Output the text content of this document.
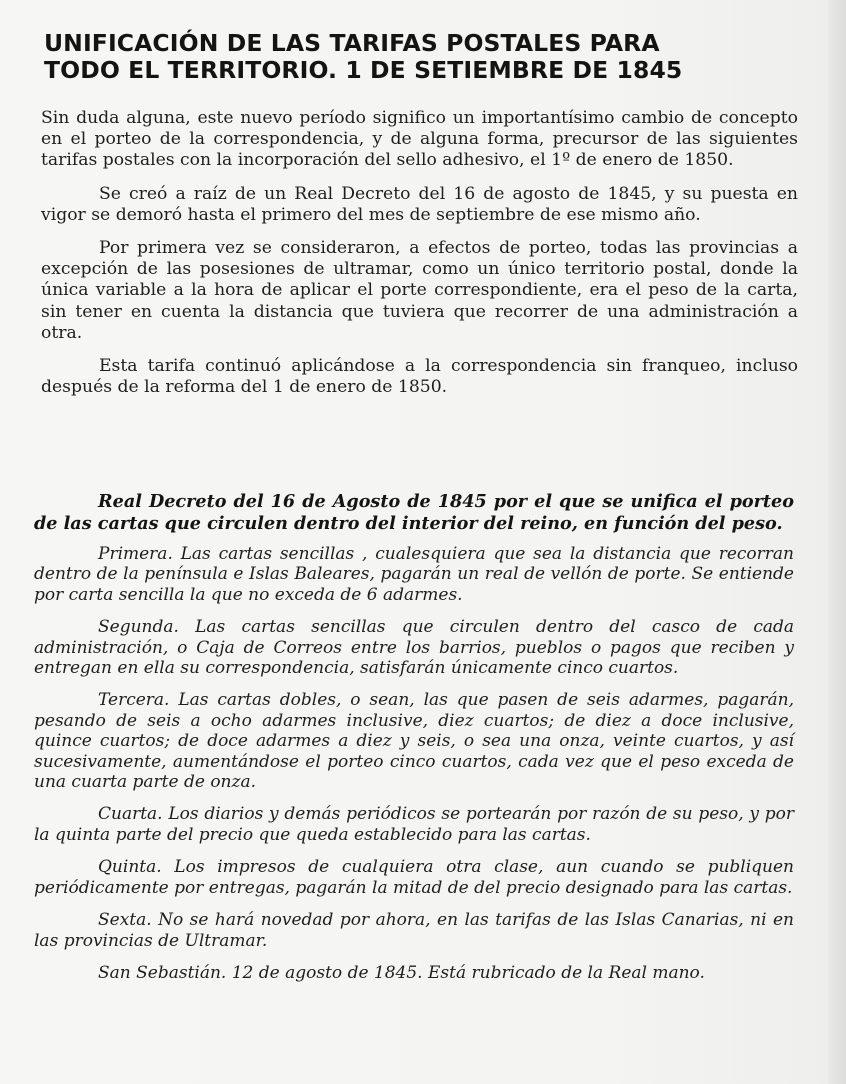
UNIFICACIÓN DE LAS TARIFAS POSTALES PARA
TODO EL TERRITORIO. 1 DE SETIEMBRE DE 1845

Sin duda alguna, este nuevo período significo un importantísimo cambio de concepto en el porteo de la correspondencia, y de alguna forma, precursor de las siguientes tarifas postales con la incorporación del sello adhesivo, el 1º de enero de 1850.

Se creó a raíz de un Real Decreto del 16 de agosto de 1845, y su puesta en vigor se demoró hasta el primero del mes de septiembre de ese mismo año.

Por primera vez se consideraron, a efectos de porteo, todas las provincias a excepción de las posesiones de ultramar, como un único territorio postal, donde la única variable a la hora de aplicar el porte correspondiente, era el peso de la carta, sin tener en cuenta la distancia que tuviera que recorrer de una administración a otra.

Esta tarifa continuó aplicándose a la correspondencia sin franqueo, incluso después de la reforma del 1 de enero de 1850.

Real Decreto del 16 de Agosto de 1845 por el que se unifica el porteo de las cartas que circulen dentro del interior del reino, en función del peso.

Primera. Las cartas sencillas , cualesquiera que sea la distancia que recorran dentro de la península e Islas Baleares, pagarán un real de vellón de porte. Se entiende por carta sencilla la que no exceda de 6 adarmes.

Segunda. Las cartas sencillas que circulen dentro del casco de cada administración, o Caja de Correos entre los barrios, pueblos o pagos que reciben y entregan en ella su correspondencia, satisfarán únicamente cinco cuartos.

Tercera. Las cartas dobles, o sean, las que pasen de seis adarmes, pagarán, pesando de seis a ocho adarmes inclusive, diez cuartos; de diez a doce inclusive, quince cuartos; de doce adarmes a diez y seis, o sea una onza, veinte cuartos, y así sucesivamente, aumentándose el porteo cinco cuartos, cada vez que el peso exceda de una cuarta parte de onza.

Cuarta. Los diarios y demás periódicos se portearán por razón de su peso, y por la quinta parte del precio que queda establecido para las cartas.

Quinta. Los impresos de cualquiera otra clase, aun cuando se publiquen periódicamente por entregas, pagarán la mitad de del precio designado para las cartas.

Sexta. No se hará novedad por ahora, en las tarifas de las Islas Canarias, ni en las provincias de Ultramar.

San Sebastián. 12 de agosto de 1845. Está rubricado de la Real mano.
